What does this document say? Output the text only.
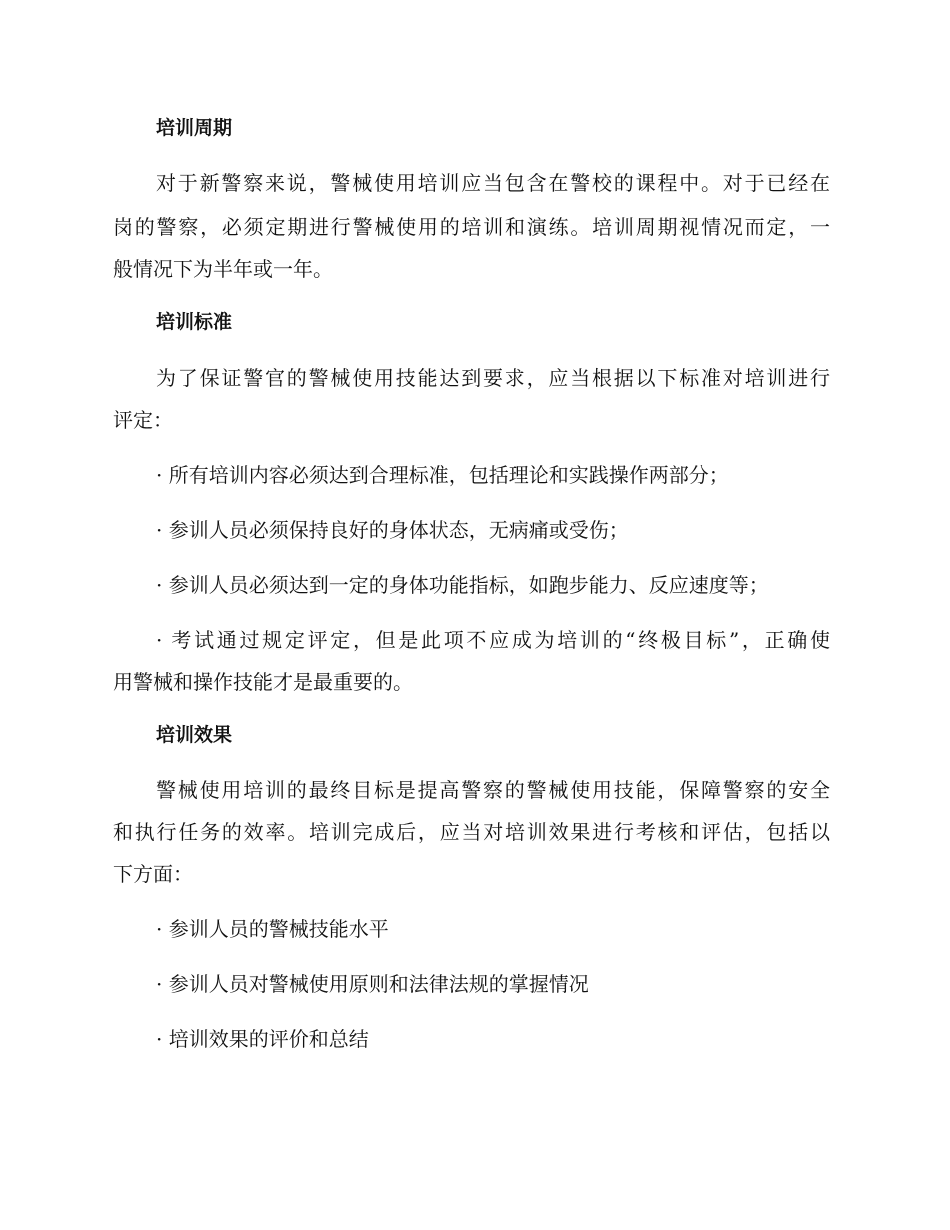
培训周期
对于新警察来说，警械使用培训应当包含在警校的课程中。对于已经在
岗的警察，必须定期进行警械使用的培训和演练。培训周期视情况而定，一
般情况下为半年或一年。
培训标准
为了保证警官的警械使用技能达到要求，应当根据以下标准对培训进行
评定：
· 所有培训内容必须达到合理标准，包括理论和实践操作两部分；
· 参训人员必须保持良好的身体状态，无病痛或受伤；
· 参训人员必须达到一定的身体功能指标，如跑步能力、反应速度等；
· 考试通过规定评定，但是此项不应成为培训的“终极目标”，正确使
用警械和操作技能才是最重要的。
培训效果
警械使用培训的最终目标是提高警察的警械使用技能，保障警察的安全
和执行任务的效率。培训完成后，应当对培训效果进行考核和评估，包括以
下方面：
· 参训人员的警械技能水平
· 参训人员对警械使用原则和法律法规的掌握情况
· 培训效果的评价和总结
